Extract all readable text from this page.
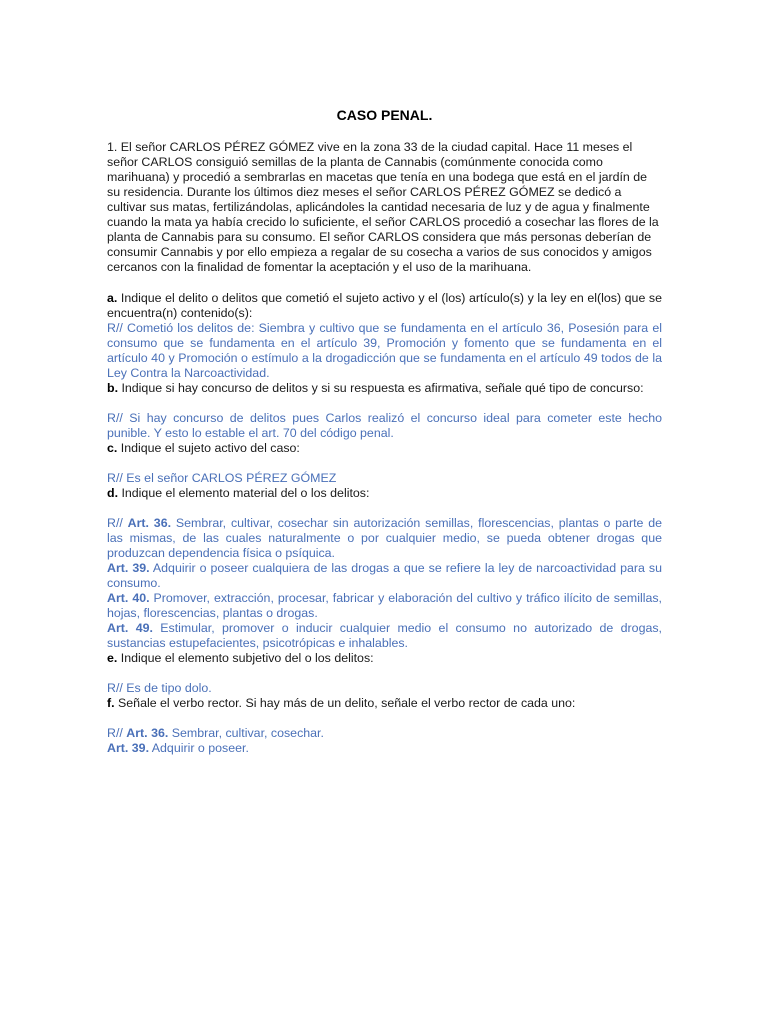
CASO PENAL.

1. El señor CARLOS PÉREZ GÓMEZ vive en la zona 33 de la ciudad capital. Hace 11 meses el señor CARLOS consiguió semillas de la planta de Cannabis (comúnmente conocida como marihuana) y procedió a sembrarlas en macetas que tenía en una bodega que está en el jardín de su residencia. Durante los últimos diez meses el señor CARLOS PÉREZ GÓMEZ se dedicó a cultivar sus matas, fertilizándolas, aplicándoles la cantidad necesaria de luz y de agua y finalmente cuando la mata ya había crecido lo suficiente, el señor CARLOS procedió a cosechar las flores de la planta de Cannabis para su consumo. El señor CARLOS considera que más personas deberían de consumir Cannabis y por ello empieza a regalar de su cosecha a varios de sus conocidos y amigos cercanos con la finalidad de fomentar la aceptación y el uso de la marihuana.

a. Indique el delito o delitos que cometió el sujeto activo y el (los) artículo(s) y la ley en el(los) que se encuentra(n) contenido(s):

R// Cometió los delitos de: Siembra y cultivo que se fundamenta en el artículo 36, Posesión para el consumo que se fundamenta en el artículo 39, Promoción y fomento que se fundamenta en el artículo 40 y Promoción o estímulo a la drogadicción que se fundamenta en el artículo 49 todos de la Ley Contra la Narcoactividad.

b. Indique si hay concurso de delitos y si su respuesta es afirmativa, señale qué tipo de concurso:

R// Si hay concurso de delitos pues Carlos realizó el concurso ideal para cometer este hecho punible. Y esto lo estable el art. 70 del código penal.

c. Indique el sujeto activo del caso:

R// Es el señor CARLOS PÉREZ GÓMEZ

d. Indique el elemento material del o los delitos:

R// Art. 36. Sembrar, cultivar, cosechar sin autorización semillas, florescencias, plantas o parte de las mismas, de las cuales naturalmente o por cualquier medio, se pueda obtener drogas que produzcan dependencia física o psíquica.

Art. 39. Adquirir o poseer cualquiera de las drogas a que se refiere la ley de narcoactividad para su consumo.

Art. 40. Promover, extracción, procesar, fabricar y elaboración del cultivo y tráfico ilícito de semillas, hojas, florescencias, plantas o drogas.

Art. 49. Estimular, promover o inducir cualquier medio el consumo no autorizado de drogas, sustancias estupefacientes, psicotrópicas e inhalables.

e. Indique el elemento subjetivo del o los delitos:

R// Es de tipo dolo.

f. Señale el verbo rector. Si hay más de un delito, señale el verbo rector de cada uno:

R// Art. 36. Sembrar, cultivar, cosechar.

Art. 39. Adquirir o poseer.
